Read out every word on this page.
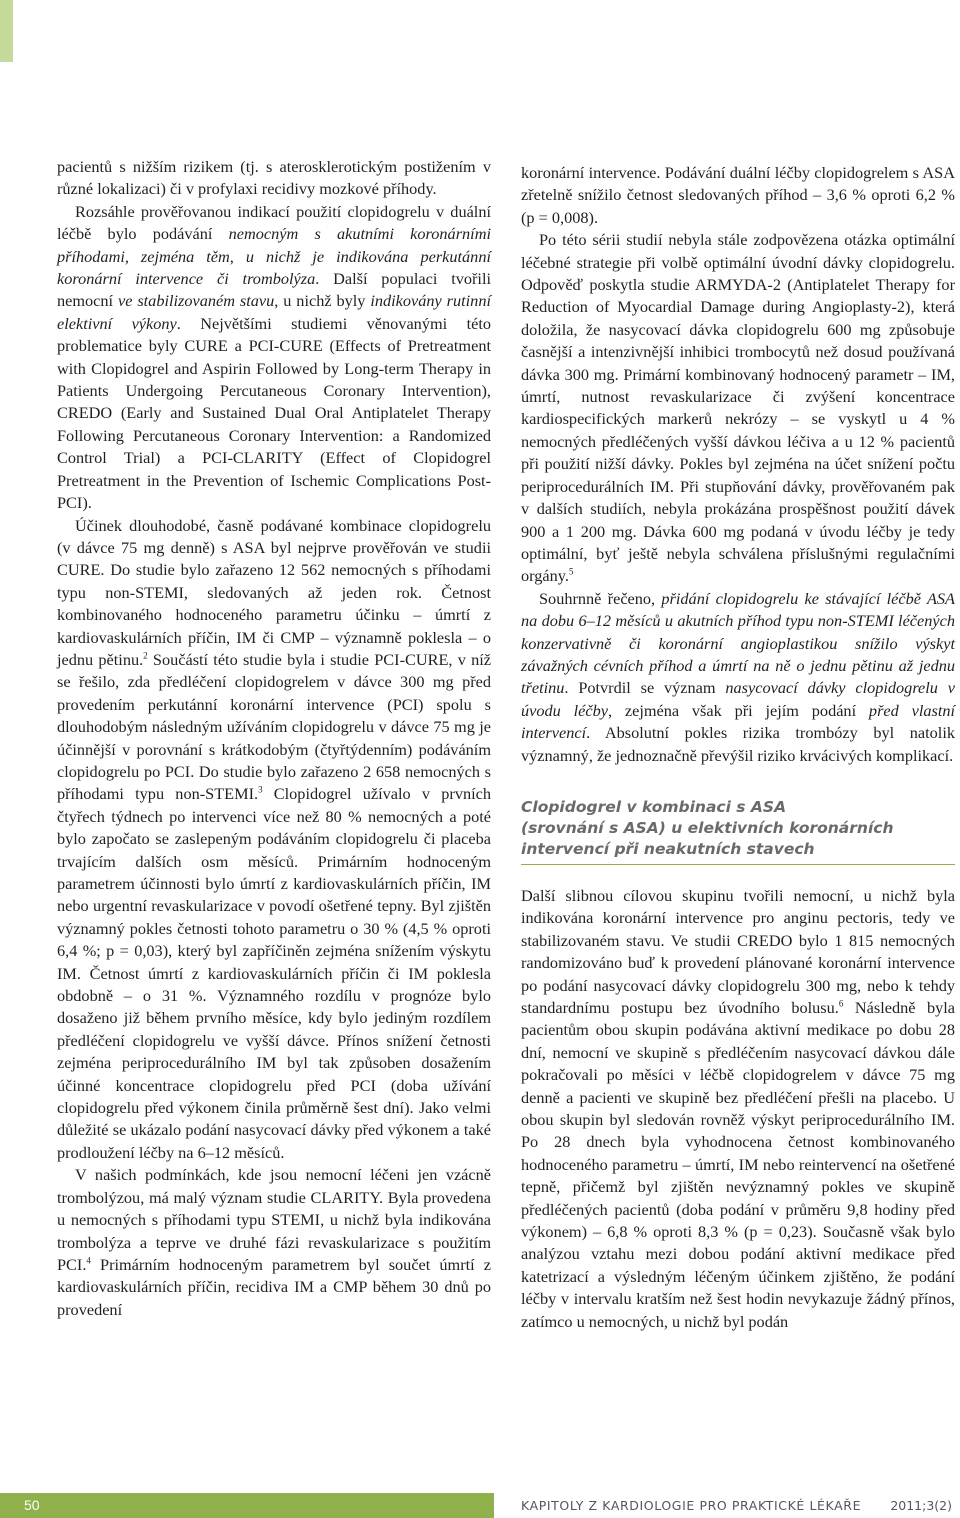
pacientů s nižším rizikem (tj. s aterosklerotickým postižením v různé lokalizaci) či v profylaxi recidivy mozkové příhody.

Rozsáhle prověřovanou indikací použití clopidogrelu v duální léčbě bylo podávání nemocným s akutními koronárními příhodami, zejména těm, u nichž je indikována perkutánní koronární intervence či trombolýza. Další populaci tvořili nemocní ve stabilizovaném stavu, u nichž byly indikovány rutinní elektivní výkony. Největšími studiemi věnovanými této problematice byly CURE a PCI-CURE (Effects of Pretreatment with Clopidogrel and Aspirin Followed by Long-term Therapy in Patients Undergoing Percutaneous Coronary Intervention), CREDO (Early and Sustained Dual Oral Antiplatelet Therapy Following Percutaneous Coronary Intervention: a Randomized Control Trial) a PCI-CLARITY (Effect of Clopidogrel Pretreatment in the Prevention of Ischemic Complications Post-PCI).

Účinek dlouhodobé, časně podávané kombinace clopidogrelu (v dávce 75 mg denně) s ASA byl nejprve prověřován ve studii CURE. Do studie bylo zařazeno 12 562 nemocných s příhodami typu non-STEMI, sledovaných až jeden rok. Četnost kombinovaného hodnoceného parametru účinku – úmrtí z kardiovaskulárních příčin, IM či CMP – významně poklesla – o jednu pětinu.$^2$ Součástí této studie byla i studie PCI-CURE, v níž se řešilo, zda předléčení clopidogrelem v dávce 300 mg před provedením perkutánní koronární intervence (PCI) spolu s dlouhodobým následným užíváním clopidogrelu v dávce 75 mg je účinnější v porovnání s krátkodobým (čtyřtýdenním) podáváním clopidogrelu po PCI. Do studie bylo zařazeno 2 658 nemocných s příhodami typu non-STEMI.$^3$ Clopidogrel užívalo v prvních čtyřech týdnech po intervenci více než 80 % nemocných a poté bylo započato se zaslepeným podáváním clopidogrelu či placeba trvajícím dalších osm měsíců. Primárním hodnoceným parametrem účinnosti bylo úmrtí z kardiovaskulárních příčin, IM nebo urgentní revaskularizace v povodí ošetřené tepny. Byl zjištěn významný pokles četnosti tohoto parametru o 30 % (4,5 % oproti 6,4 %; p = 0,03), který byl zapříčiněn zejména snížením výskytu IM. Četnost úmrtí z kardiovaskulárních příčin či IM poklesla obdobně – o 31 %. Významného rozdílu v prognóze bylo dosaženo již během prvního měsíce, kdy bylo jediným rozdílem předléčení clopidogrelu ve vyšší dávce. Přínos snížení četnosti zejména periprocedurálního IM byl tak způsoben dosažením účinné koncentrace clopidogrelu před PCI (doba užívání clopidogrelu před výkonem činila průměrně šest dní). Jako velmi důležité se ukázalo podání nasycovací dávky před výkonem a také prodloužení léčby na 6–12 měsíců.

V našich podmínkách, kde jsou nemocní léčeni jen vzácně trombolýzou, má malý význam studie CLARITY. Byla provedena u nemocných s příhodami typu STEMI, u nichž byla indikována trombolýza a teprve ve druhé fázi revaskularizace s použitím PCI.$^4$ Primárním hodnoceným parametrem byl součet úmrtí z kardiovaskulárních příčin, recidiva IM a CMP během 30 dnů po provedení

koronární intervence. Podávání duální léčby clopidogrelem s ASA zřetelně snížilo četnost sledovaných příhod – 3,6 % oproti 6,2 % (p = 0,008).

Po této sérii studií nebyla stále zodpovězena otázka optimální léčebné strategie při volbě optimální úvodní dávky clopidogrelu. Odpověď poskytla studie ARMYDA-2 (Antiplatelet Therapy for Reduction of Myocardial Damage during Angioplasty-2), která doložila, že nasycovací dávka clopidogrelu 600 mg způsobuje časnější a intenzivnější inhibici trombocytů než dosud používaná dávka 300 mg. Primární kombinovaný hodnocený parametr – IM, úmrtí, nutnost revaskularizace či zvýšení koncentrace kardiospecifických markerů nekrózy – se vyskytl u 4 % nemocných předléčených vyšší dávkou léčiva a u 12 % pacientů při použití nižší dávky. Pokles byl zejména na účet snížení počtu periprocedurálních IM. Při stupňování dávky, prověřovaném pak v dalších studiích, nebyla prokázána prospěšnost použití dávek 900 a 1 200 mg. Dávka 600 mg podaná v úvodu léčby je tedy optimální, byť ještě nebyla schválena příslušnými regulačními orgány.$^5$

Souhrnně řečeno, přidání clopidogrelu ke stávající léčbě ASA na dobu 6–12 měsíců u akutních příhod typu non-STEMI léčených konzervativně či koronární angioplastikou snížilo výskyt závažných cévních příhod a úmrtí na ně o jednu pětinu až jednu třetinu. Potvrdil se význam nasycovací dávky clopidogrelu v úvodu léčby, zejména však při jejím podání před vlastní intervencí. Absolutní pokles rizika trombózy byl natolik významný, že jednoznačně převýšil riziko krvácivých komplikací.

Clopidogrel v kombinaci s ASA
(srovnání s ASA) u elektivních koronárních
intervencí při neakutních stavech

Další slibnou cílovou skupinu tvořili nemocní, u nichž byla indikována koronární intervence pro anginu pectoris, tedy ve stabilizovaném stavu. Ve studii CREDO bylo 1 815 nemocných randomizováno buď k provedení plánované koronární intervence po podání nasycovací dávky clopidogrelu 300 mg, nebo k tehdy standardnímu postupu bez úvodního bolusu.$^6$ Následně byla pacientům obou skupin podávána aktivní medikace po dobu 28 dní, nemocní ve skupině s předléčením nasycovací dávkou dále pokračovali po měsíci v léčbě clopidogrelem v dávce 75 mg denně a pacienti ve skupině bez předléčení přešli na placebo. U obou skupin byl sledován rovněž výskyt periprocedurálního IM. Po 28 dnech byla vyhodnocena četnost kombinovaného hodnoceného parametru – úmrtí, IM nebo reintervencí na ošetřené tepně, přičemž byl zjištěn nevýznamný pokles ve skupině předléčených pacientů (doba podání v průměru 9,8 hodiny před výkonem) – 6,8 % oproti 8,3 % (p = 0,23). Současně však bylo analýzou vztahu mezi dobou podání aktivní medikace před katetrizací a výsledným léčeným účinkem zjištěno, že podání léčby v intervalu kratším než šest hodin nevykazuje žádný přínos, zatímco u nemocných, u nichž byl podán

50	KAPITOLY Z KARDIOLOGIE PRO PRAKTICKÉ LÉKAŘE 2011;3(2)
